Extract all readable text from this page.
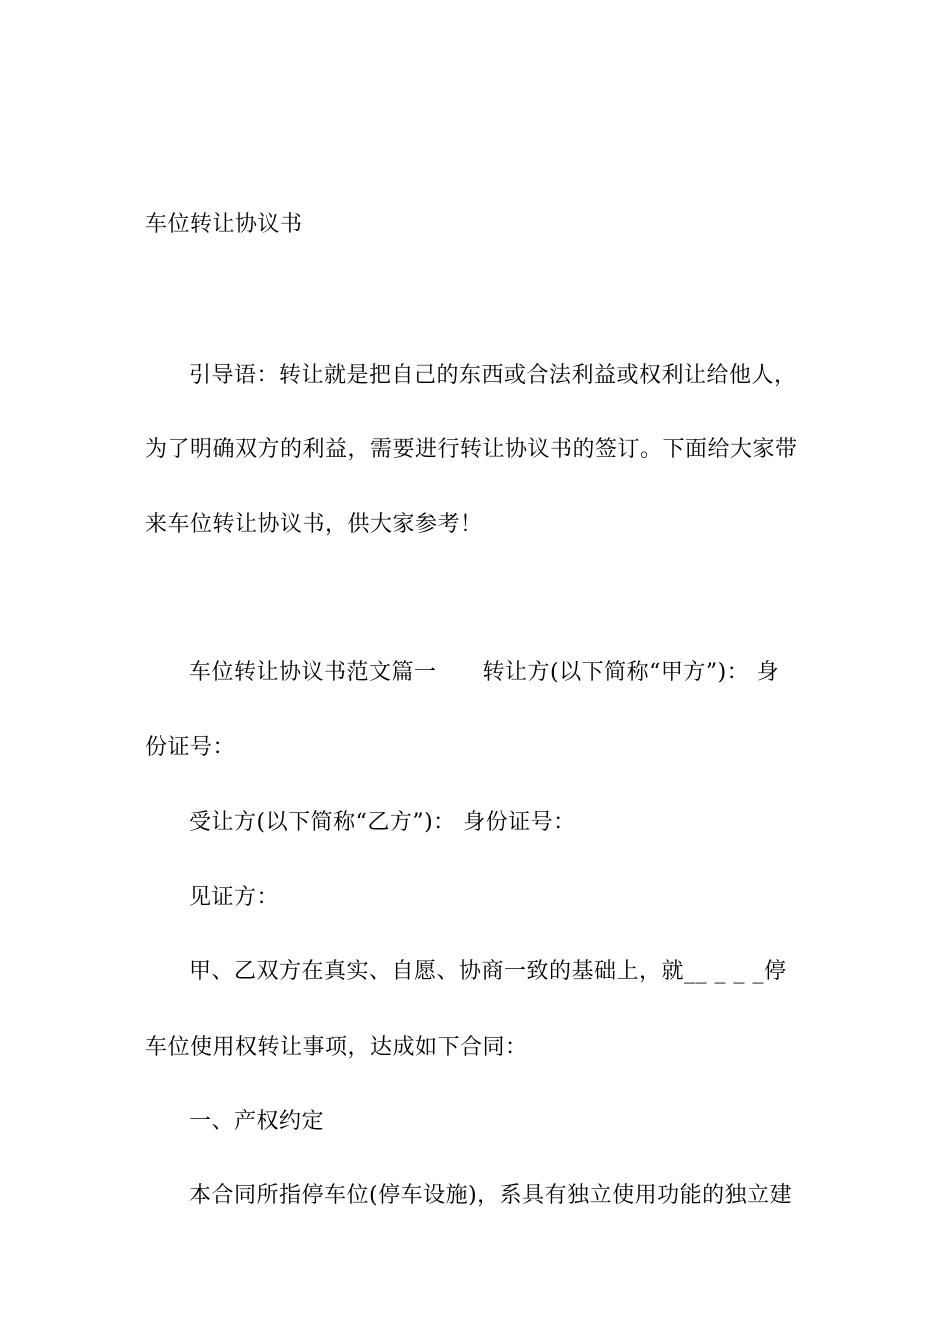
车位转让协议书
引导语：转让就是把自己的东西或合法利益或权利让给他人，
为了明确双方的利益，需要进行转让协议书的签订。下面给大家带
来车位转让协议书，供大家参考！
车位转让协议书范文篇一 转让方(以下简称“甲方”)： 身
份证号：
受让方(以下简称“乙方”)： 身份证号：
见证方：
甲、乙双方在真实、自愿、协商一致的基础上，就__ _ _ _停
车位使用权转让事项，达成如下合同：
一、产权约定
本合同所指停车位(停车设施)，系具有独立使用功能的独立建
